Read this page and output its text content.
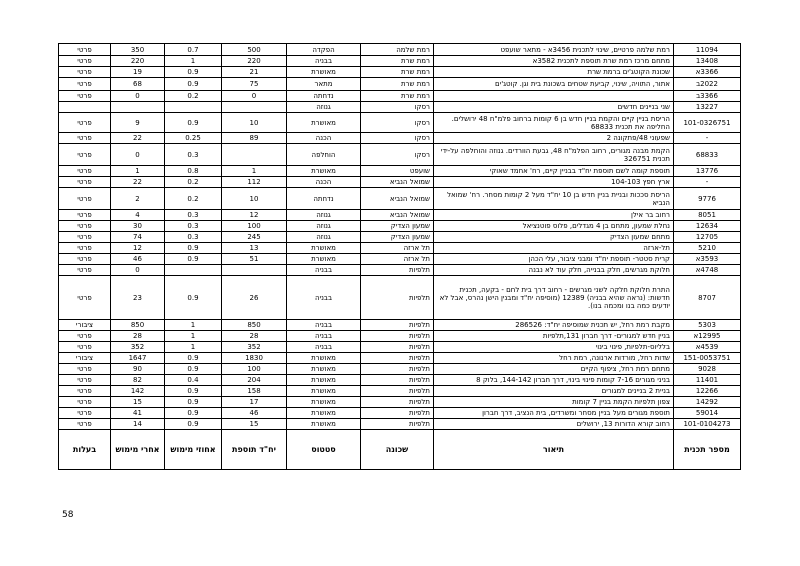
11094	רמת שלמה פרטיים, שינוי לתכנית 3456א - מתאר שועפט	רמת שלמה	הפקדה	500	0.7	350	פרטי
13408	מתחם מרכז רמת שרת תוספת לתכנית 3582א	רמת שרת	בבניה	220	1	220	פרטי
3366א	שכונת הקוטג'ים ברמת שרת	רמת שרת	מאושרת	21	0.9	19	פרטי
2022ב	אתור, התוויה, שינוי, קביעת שטחים בשכונת בית וגן. קוטג'ים	רמת שרת	מתאר	75	0.9	68	פרטי
3366ב		רמת שרת	נדחתה	0	0.2	0	פרטי
13227	שני בניינים חדשים	רסקו	גנוזה				
101-0326751	הריסת בניין קיים והקמת בניין חדש בן 6 קומות ברחוב פלמ"ח 48 ירושלים. החליפה את תכנית 68833	רסקו	מאושרת	10	0.9	9	פרטי
-	שפעוני 48/פתקונה 2	רסקו	הכנה	89	0.25	22	פרטי
68833	הקמת מבנה מגורים, רחוב הפלמ"ח 48, גבעת הוורדים. גנוזה והוחלפה על-ידי תכנית 326751	רסקו	הוחלפה		0.3	0	פרטי
13776	תוספת קומה לשם תוספת יח"ד בבניין קיים, רח' אחמד שאוקי	שועפט	מאושרת	1	0.8	1	פרטי
-	ארץ חפץ 104-103	שמואל הנביא	הכנה	112	0.2	22	פרטי
9776	הריסת סככות ובניית בניין חדש בן 10 יח"ד מעל 2 קומות מסחר. רח' שמואל הנביא	שמואל הנביא	נדחתה	10	0.2	2	פרטי
8051	רחוב בר אילן	שמואל הנביא	גנוזה	12	0.3	4	פרטי
12634	נחלת שמעון, מתחם בן 4 מגדלים, פלוס פוטנציאל	שמעון הצדיק	גנוזה	100	0.3	30	פרטי
12705	מתחם שמעון הצדיק	שמעון הצדיק	גנוזה	245	0.3	74	פרטי
5210	תל-ארזה	תל ארזה	מאושרת	13	0.9	12	פרטי
3593א	קרית סטטר- תוספת יח"ד ומבני ציבור, עלי הכהן	תל ארזה	מאושרת	51	0.9	46	פרטי
4748א	חלוקת מגרשים, חלק בבנייה, חלק עוד לא נבנה	תלפיות	בבניה			0	פרטי
8707	התרת חלוקת חלקה לשני מגרשים - רחוב דרך בית לחם - בקעה, תכנית חדשות: (נראה שהיא בבניה) 12389 (מוסיפה יח"ד ומבנין הישן נהרס, אבל לא יודעים כמה בנו ומכמה בנו).	תלפיות	בבניה	26	0.9	23	פרטי
5303	מקבת רמת רחל, יש תכנית שמוסיפה יח"ד: 286526	תלפיות	בבניה	850	1	850	ציבורי
12995א	בניין חדש למגורים- דרך חברון 131,תלפיות	תלפיות	בבניה	28	1	28	פרטי
4539א	בלליוס-תלפיות, פינוי בינוי	תלפיות	בבניה	352	1	352	פרטי
151-0053751	שדות רחל, מורדות ארנונה, רמת רחל	תלפיות	מאושרת	1830	0.9	1647	ציבורי
9028	מתחם רמת רחל, ציפוף הקיים	תלפיות	מאושרת	100	0.9	90	פרטי
11401	בניני מגורים 7-16 קומות פינוי בינוי, דרך חברון 144-142, בלוק 8	תלפיות	מאושרת	204	0.4	82	פרטי
12266	בניית 2 בניינים למגורים	תלפיות	מאושרת	158	0.9	142	פרטי
14292	צפון תלפיות הקמת בניין 7 קומות	תלפיות	מאושרת	17	0.9	15	פרטי
59014	תוספת מגורים מעל בניין מסחר ומשרדים, בית הנציב, דרך חברון	תלפיות	מאושרת	46	0.9	41	פרטי
101-0104273	רחוב קורא הדורות 13, ירושלים	תלפיות	מאושרת	15	0.9	14	פרטי
מספר תכנית	תיאור	שכונה	סטטוס	יח"ד תוספת	אחוזי מימוש	אחרי מימוש	בעלות
58
